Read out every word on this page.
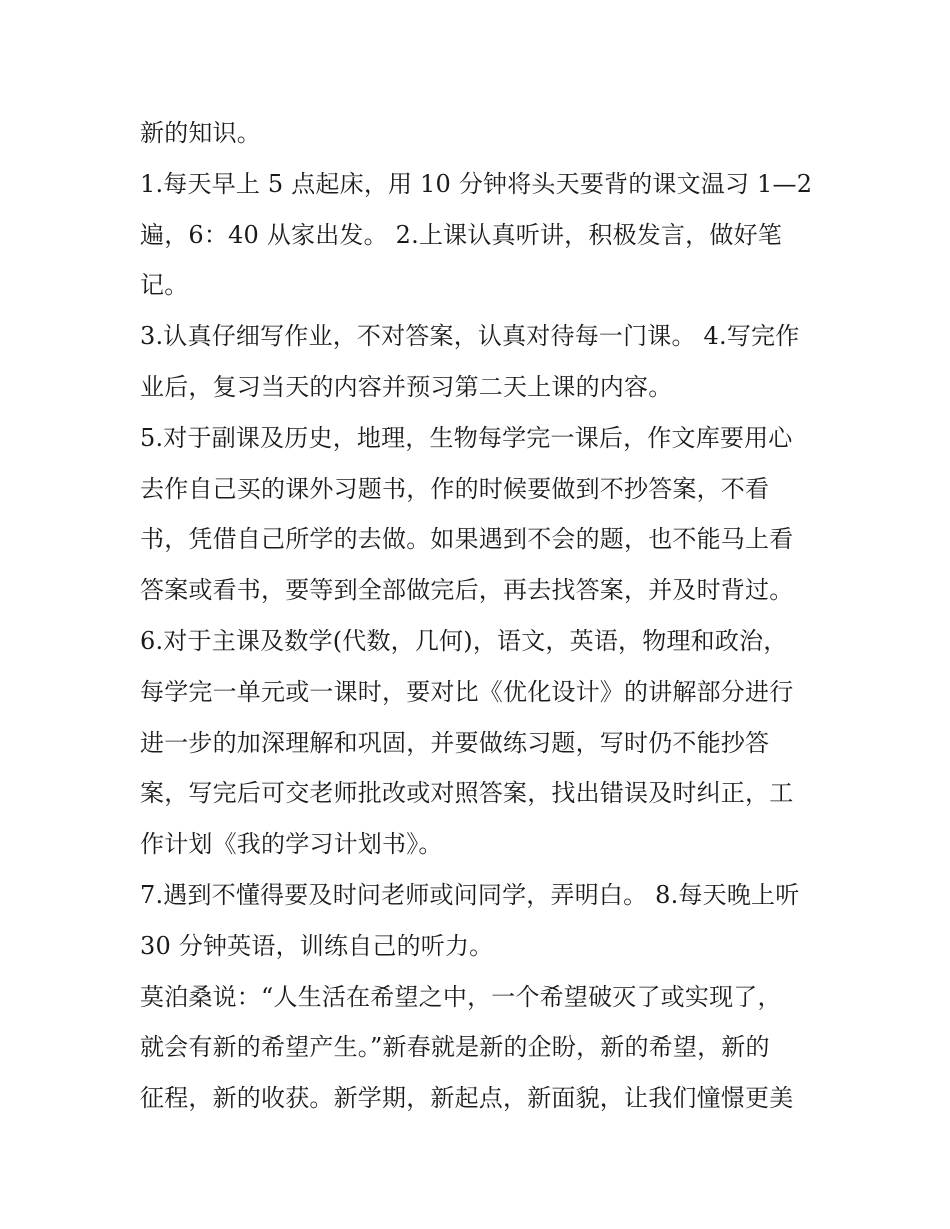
新的知识。
1.每天早上 5 点起床，用 10 分钟将头天要背的课文温习 1—2
遍，6：40 从家出发。 2.上课认真听讲，积极发言，做好笔
记。
3.认真仔细写作业，不对答案，认真对待每一门课。 4.写完作
业后，复习当天的内容并预习第二天上课的内容。
5.对于副课及历史，地理，生物每学完一课后，作文库要用心
去作自己买的课外习题书，作的时候要做到不抄答案，不看
书，凭借自己所学的去做。如果遇到不会的题，也不能马上看
答案或看书，要等到全部做完后，再去找答案，并及时背过。
6.对于主课及数学(代数，几何)，语文，英语，物理和政治，
每学完一单元或一课时，要对比《优化设计》的讲解部分进行
进一步的加深理解和巩固，并要做练习题，写时仍不能抄答
案，写完后可交老师批改或对照答案，找出错误及时纠正，工
作计划《我的学习计划书》。
7.遇到不懂得要及时问老师或问同学，弄明白。 8.每天晚上听
30 分钟英语，训练自己的听力。
莫泊桑说：“人生活在希望之中，一个希望破灭了或实现了，
就会有新的希望产生。”新春就是新的企盼，新的希望，新的
征程，新的收获。新学期，新起点，新面貌，让我们憧憬更美
